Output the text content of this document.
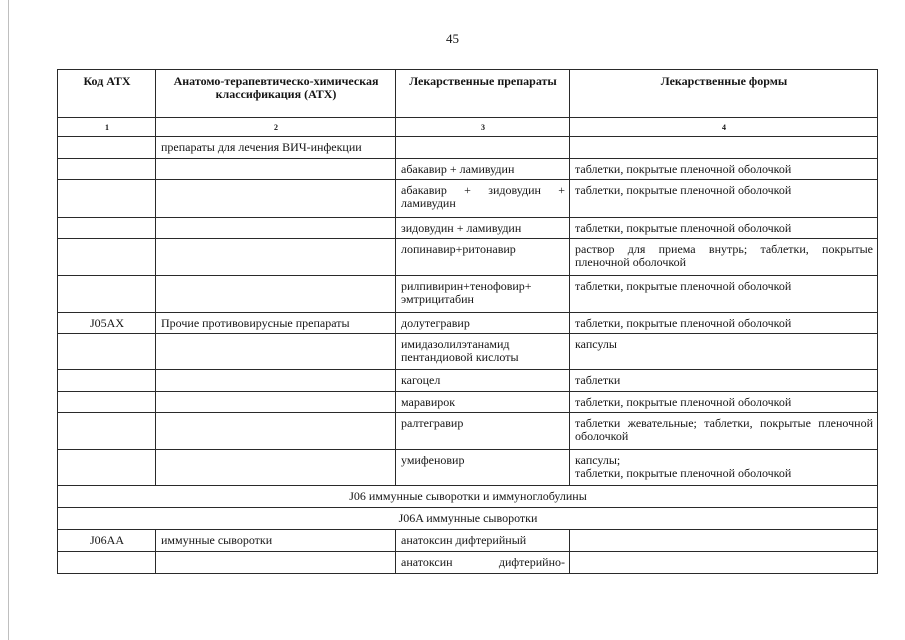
45
Код АТХ	Анатомо-терапевтическо-химическая классификация (АТХ)	Лекарственные препараты	Лекарственные формы
1	2	3	4
	препараты для лечения ВИЧ-инфекции		
		абакавир + ламивудин	таблетки, покрытые пленочной оболочкой
		абакавир + зидовудин + ламивудин	таблетки, покрытые пленочной оболочкой
		зидовудин + ламивудин	таблетки, покрытые пленочной оболочкой
		лопинавир+ритонавир	раствор для приема внутрь; таблетки, покрытые пленочной оболочкой
		рилпивирин+тенофовир+ эмтрицитабин	таблетки, покрытые пленочной оболочкой
J05AX	Прочие противовирусные препараты	долутегравир	таблетки, покрытые пленочной оболочкой
		имидазолилэтанамид пентандиовой кислоты	капсулы
		кагоцел	таблетки
		маравирок	таблетки, покрытые пленочной оболочкой
		ралтегравир	таблетки жевательные; таблетки, покрытые пленочной оболочкой
		умифеновир	капсулы;
таблетки, покрытые пленочной оболочкой
J06 иммунные сыворотки и иммуноглобулины			
J06A иммунные сыворотки			
J06AA	иммунные сыворотки	анатоксин дифтерийный	
		анатоксин дифтерийно-	
